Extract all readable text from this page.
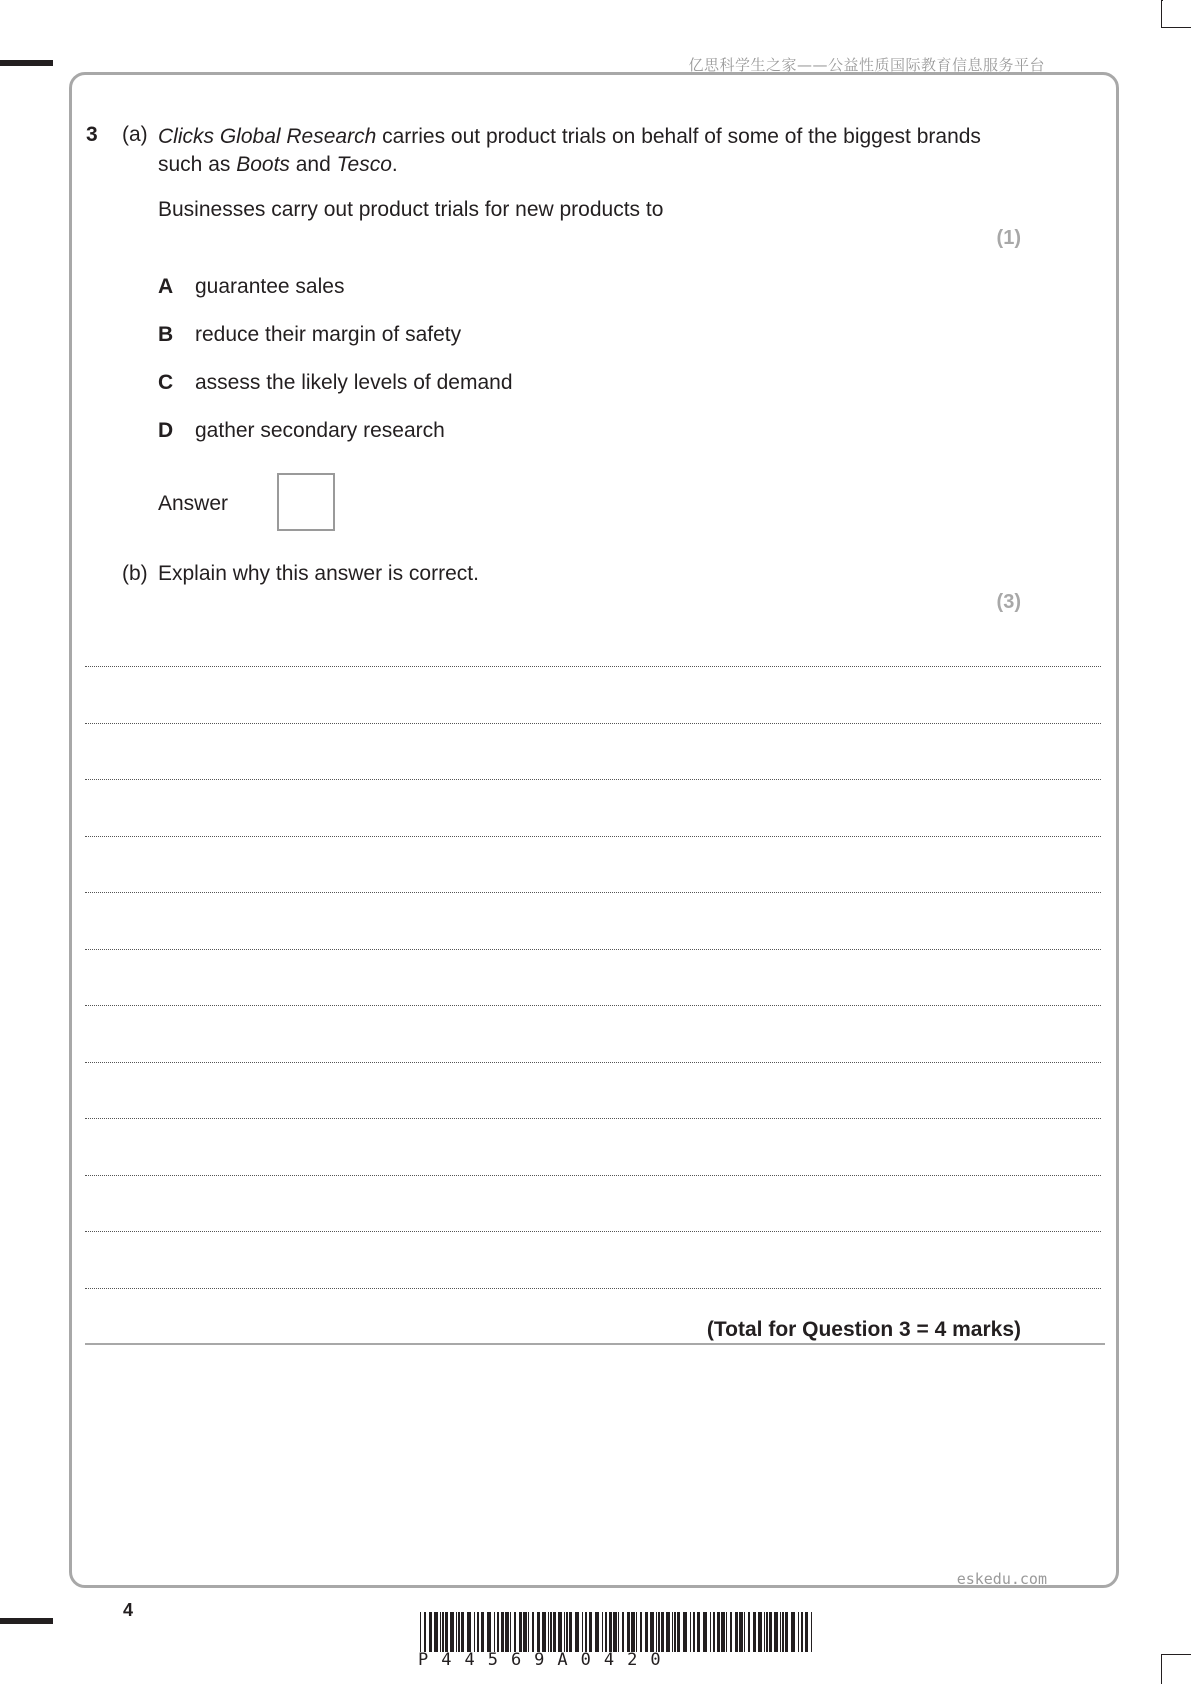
亿思科学生之家——公益性质国际教育信息服务平台
3 (a) Clicks Global Research carries out product trials on behalf of some of the biggest brands such as Boots and Tesco.
Businesses carry out product trials for new products to
(1)
A guarantee sales
B reduce their margin of safety
C assess the likely levels of demand
D gather secondary research
Answer
(b) Explain why this answer is correct.
(3)
(Total for Question 3 = 4 marks)
eskedu.com
4
P44569A0420
